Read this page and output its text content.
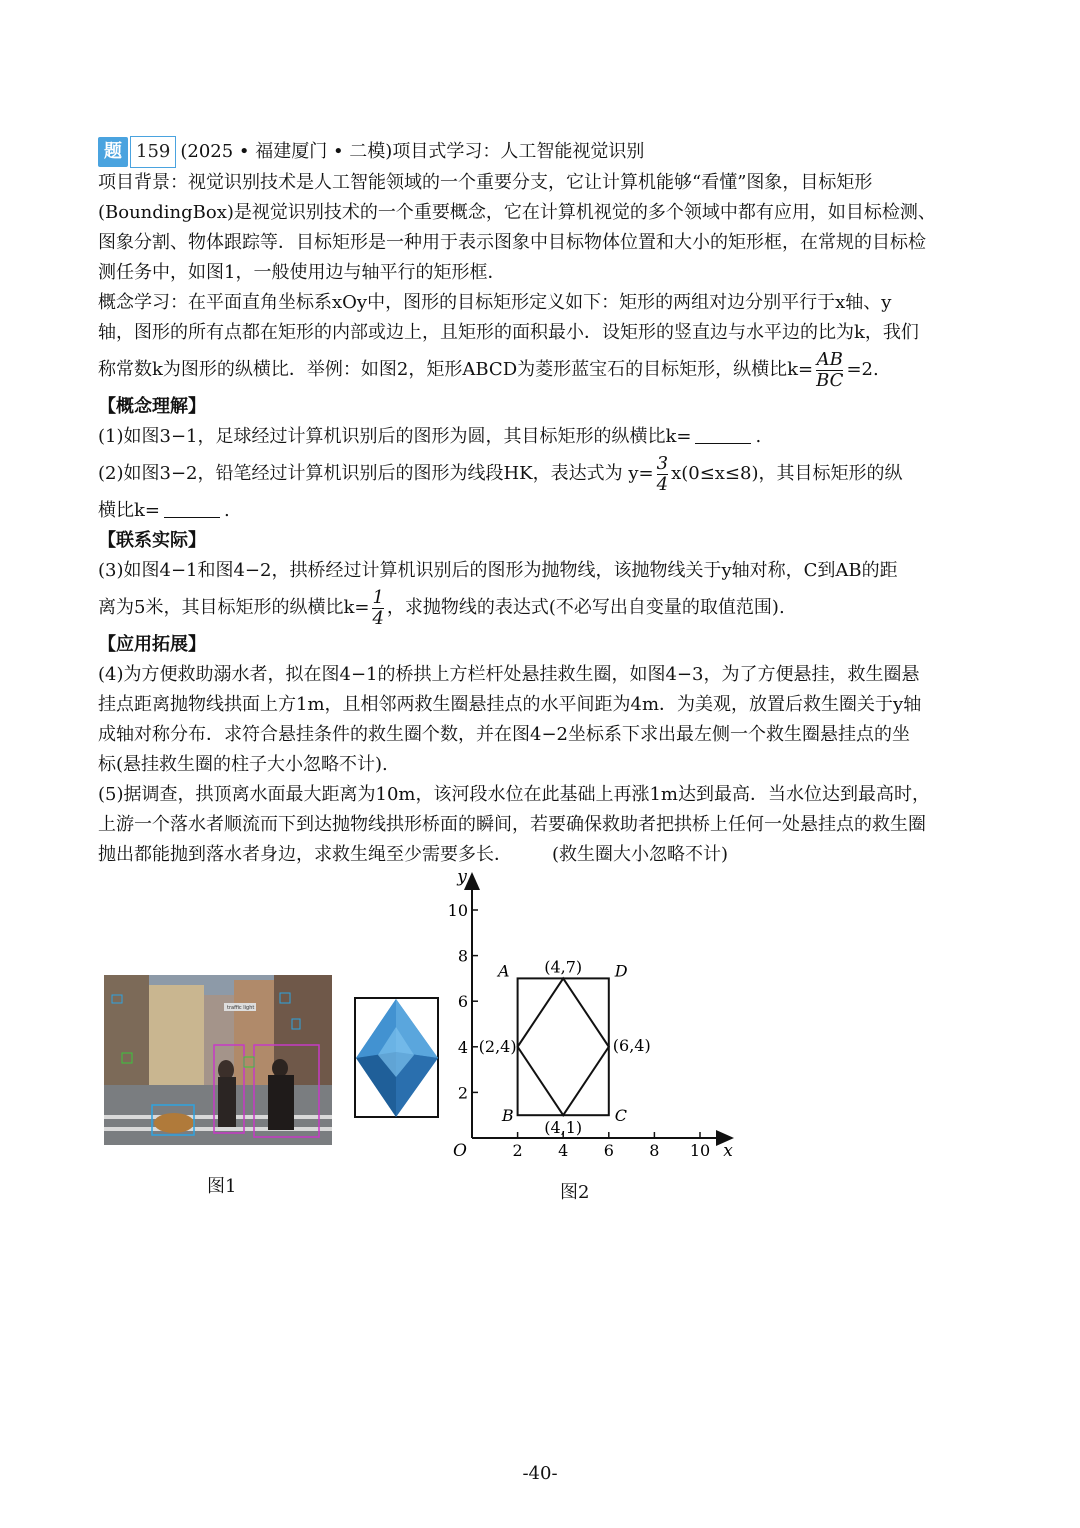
题 159 (2025 • 福建厦门 • 二模)项目式学习：人工智能视觉识别
项目背景：视觉识别技术是人工智能领域的一个重要分支，它让计算机能够“看懂”图象，目标矩形
(BoundingBox)是视觉识别技术的一个重要概念，它在计算机视觉的多个领域中都有应用，如目标检测、
图象分割、物体跟踪等．目标矩形是一种用于表示图象中目标物体位置和大小的矩形框，在常规的目标检
测任务中，如图1，一般使用边与轴平行的矩形框．
概念学习：在平面直角坐标系xOy中，图形的目标矩形定义如下：矩形的两组对边分别平行于x轴、y
轴，图形的所有点都在矩形的内部或边上，且矩形的面积最小．设矩形的竖直边与水平边的比为k，我们
称常数k为图形的纵横比．举例：如图2，矩形ABCD为菱形蓝宝石的目标矩形，纵横比$k= \frac{AB}{BC} =2$.
【概念理解】
(1)如图3−1，足球经过计算机识别后的图形为圆，其目标矩形的纵横比k=	.
(2)如图3−2，铅笔经过计算机识别后的图形为线段HK，表达式为 $y= \frac{3}{4} x(0\le x\le 8)$，其目标矩形的纵
横比k=	.
【联系实际】
(3)如图4−1和图4−2，拱桥经过计算机识别后的图形为抛物线，该抛物线关于y轴对称，C到AB的距
离为5米，其目标矩形的纵横比$k= \frac{1}{4}$ ，求抛物线的表达式(不必写出自变量的取值范围).
【应用拓展】
(4)为方便救助溺水者，拟在图4−1的桥拱上方栏杆处悬挂救生圈，如图4−3，为了方便悬挂，救生圈悬
挂点距离抛物线拱面上方1m，且相邻两救生圈悬挂点的水平间距为4m．为美观，放置后救生圈关于y轴
成轴对称分布．求符合悬挂条件的救生圈个数，并在图4−2坐标系下求出最左侧一个救生圈悬挂点的坐
标(悬挂救生圈的柱子大小忽略不计).
(5)据调查，拱顶离水面最大距离为10m，该河段水位在此基础上再涨1m达到最高．当水位达到最高时，
上游一个落水者顺流而下到达抛物线拱形桥面的瞬间，若要确保救助者把拱桥上任何一处悬挂点的救生圈
抛出都能抛到落水者身边，求救生绳至少需要多长． (救生圈大小忽略不计)
traffic light
图1
2 4 6 8 10
2
4
6
8
10
O	x
y
A
B	C
D
(4,7)
(2,4)	(6,4)
(4,1)
图2
-40-
